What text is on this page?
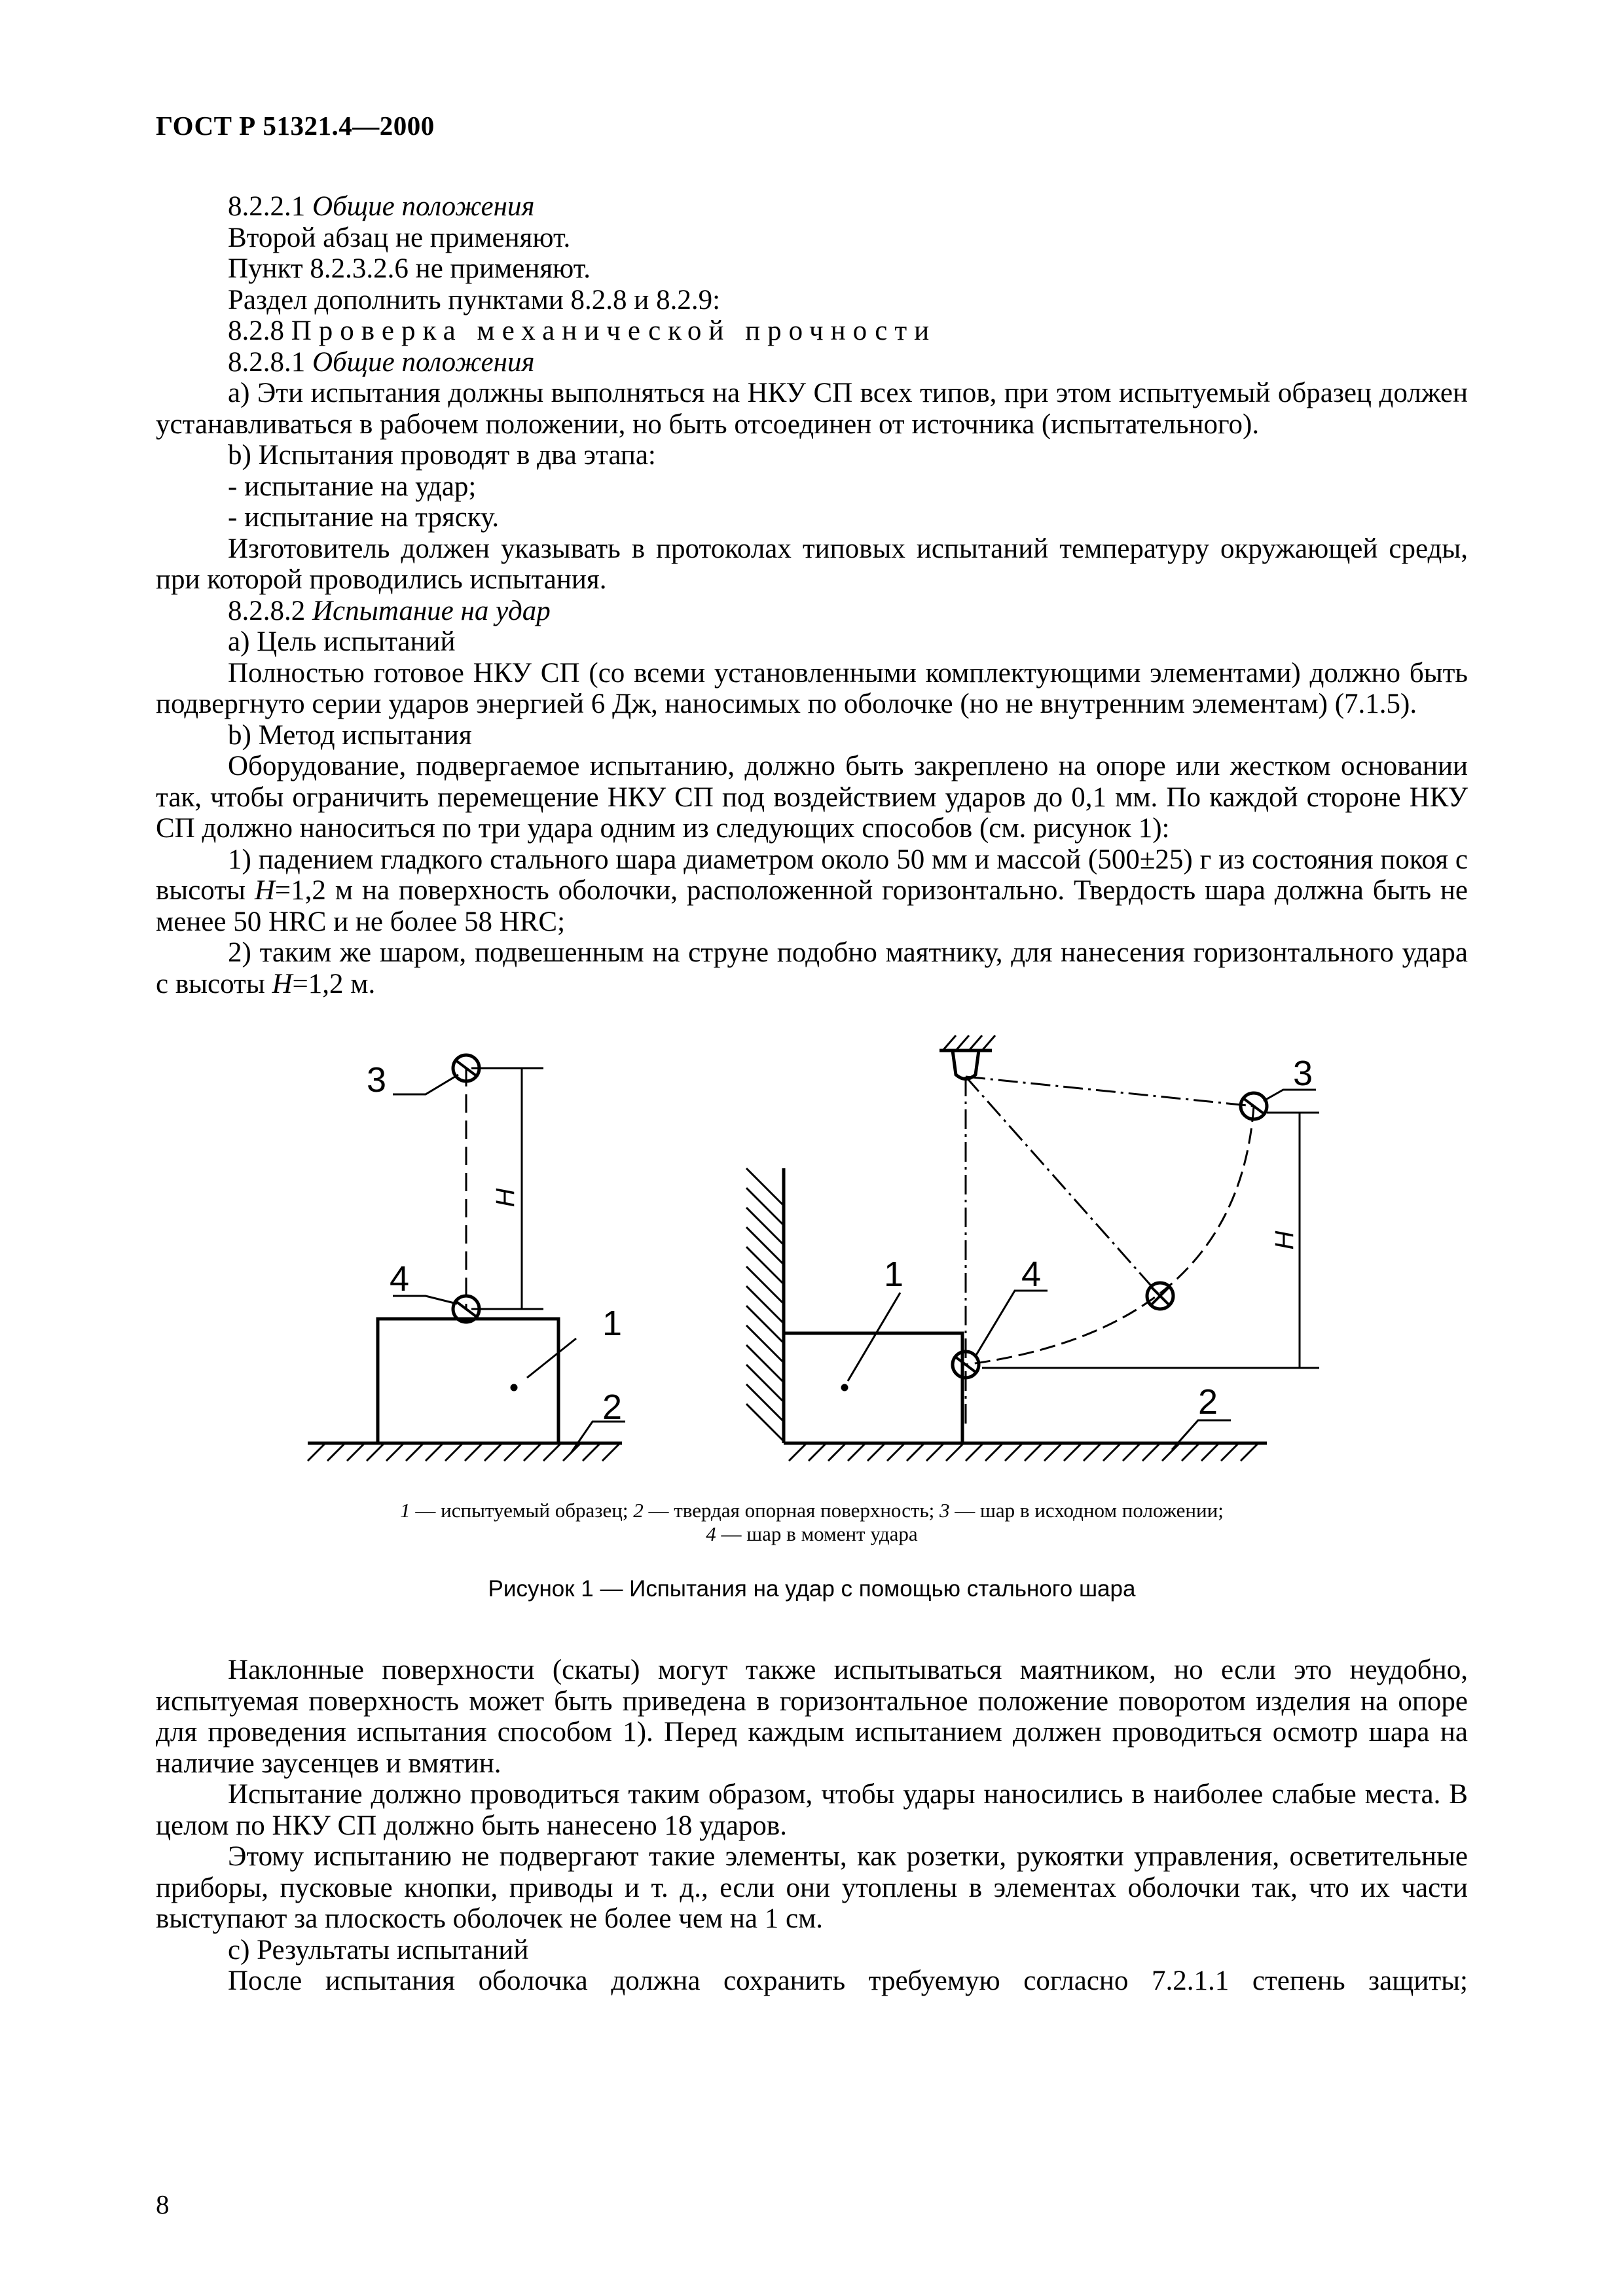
ГОСТ Р 51321.4—2000

8.2.2.1 Общие положения

Второй абзац не применяют.

Пункт 8.2.3.2.6 не применяют.

Раздел дополнить пунктами 8.2.8 и 8.2.9:

8.2.8 Проверка механической прочности

8.2.8.1 Общие положения

а) Эти испытания должны выполняться на НКУ СП всех типов, при этом испытуемый образец должен устанавливаться в рабочем положении, но быть отсоединен от источника (испытательного).

b) Испытания проводят в два этапа:

- испытание на удар;

- испытание на тряску.

Изготовитель должен указывать в протоколах типовых испытаний температуру окружающей среды, при которой проводились испытания.

8.2.8.2 Испытание на удар

а) Цель испытаний

Полностью готовое НКУ СП (со всеми установленными комплектующими элементами) должно быть подвергнуто серии ударов энергией 6 Дж, наносимых по оболочке (но не внутренним элементам) (7.1.5).

b) Метод испытания

Оборудование, подвергаемое испытанию, должно быть закреплено на опоре или жестком основании так, чтобы ограничить перемещение НКУ СП под воздействием ударов до 0,1 мм. По каждой стороне НКУ СП должно наноситься по три удара одним из следующих способов (см. рисунок 1):

1) падением гладкого стального шара диаметром около 50 мм и массой (500±25) г из состояния покоя с высоты H=1,2 м на поверхность оболочки, расположенной горизонтально. Твердость шара должна быть не менее 50 HRC и не более 58 HRC;

2) таким же шаром, подвешенным на струне подобно маятнику, для нанесения горизонтального удара с высоты H=1,2 м.

3
4
1
2
H
3
4
1
2
H
1 — испытуемый образец; 2 — твердая опорная поверхность; 3 — шар в исходном положении;
4 — шар в момент удара
Рисунок 1 — Испытания на удар с помощью стального шара

Наклонные поверхности (скаты) могут также испытываться маятником, но если это неудобно, испытуемая поверхность может быть приведена в горизонтальное положение поворотом изделия на опоре для проведения испытания способом 1). Перед каждым испытанием должен проводиться осмотр шара на наличие заусенцев и вмятин.

Испытание должно проводиться таким образом, чтобы удары наносились в наиболее слабые места. В целом по НКУ СП должно быть нанесено 18 ударов.

Этому испытанию не подвергают такие элементы, как розетки, рукоятки управления, осветительные приборы, пусковые кнопки, приводы и т. д., если они утоплены в элементах оболочки так, что их части выступают за плоскость оболочек не более чем на 1 см.

с) Результаты испытаний

После испытания оболочка должна сохранить требуемую согласно 7.2.1.1 степень защиты;

8
